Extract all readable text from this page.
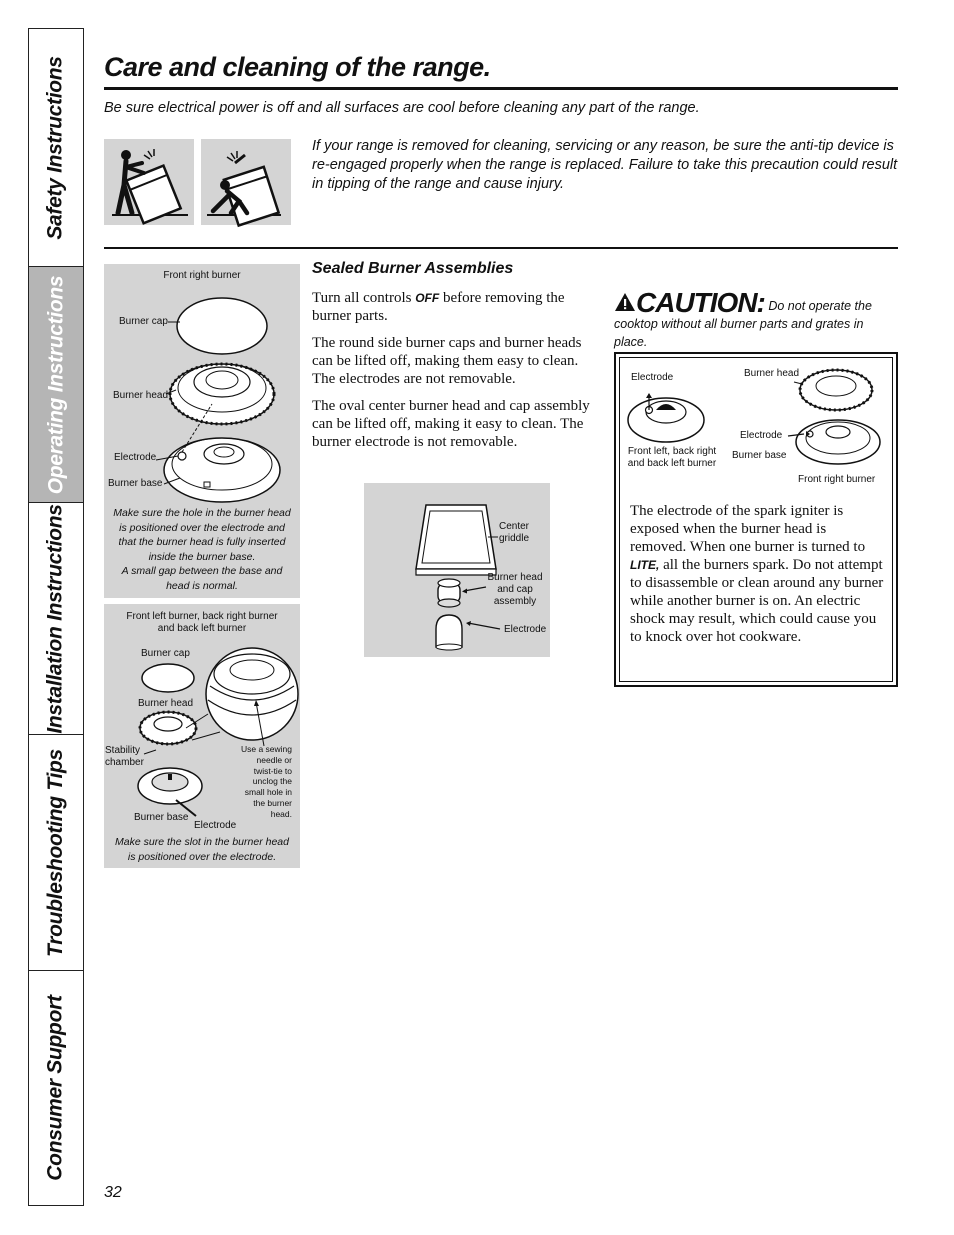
Safety Instructions
Operating Instructions
Installation Instructions
Troubleshooting Tips
Consumer Support
Care and cleaning of the range.
Be sure electrical power is off and all surfaces are cool before cleaning any part of the range.
If your range is removed for cleaning, servicing or any reason, be sure the anti-tip device is re-engaged properly when the range is replaced. Failure to take this precaution could result in tipping of the range and cause injury.
Front right burner
Burner cap
Burner head
Electrode
Burner base
Make sure the hole in the burner head is positioned over the electrode and that the burner head is fully inserted inside the burner base.
A small gap between the base and head is normal.
Front left burner, back right burner and back left burner
Burner cap
Burner head
Stability chamber
Burner base
Electrode
Use a sewing needle or twist-tie to unclog the small hole in the burner head.
Make sure the slot in the burner head is positioned over the electrode.
Sealed Burner Assemblies
Turn all controls OFF before removing the burner parts.
The round side burner caps and burner heads can be lifted off, making them easy to clean. The electrodes are not removable.
The oval center burner head and cap assembly can be lifted off, making it easy to clean. The burner electrode is not removable.
Center griddle
Burner head and cap assembly
Electrode
CAUTION: Do not operate the cooktop without all burner parts and grates in place.
Electrode
Front left, back right and back left burner
Burner head
Electrode
Burner base
Front right burner
The electrode of the spark igniter is exposed when the burner head is removed. When one burner is turned to LITE, all the burners spark. Do not attempt to disassemble or clean around any burner while another burner is on. An electric shock may result, which could cause you to knock over hot cookware.
32
